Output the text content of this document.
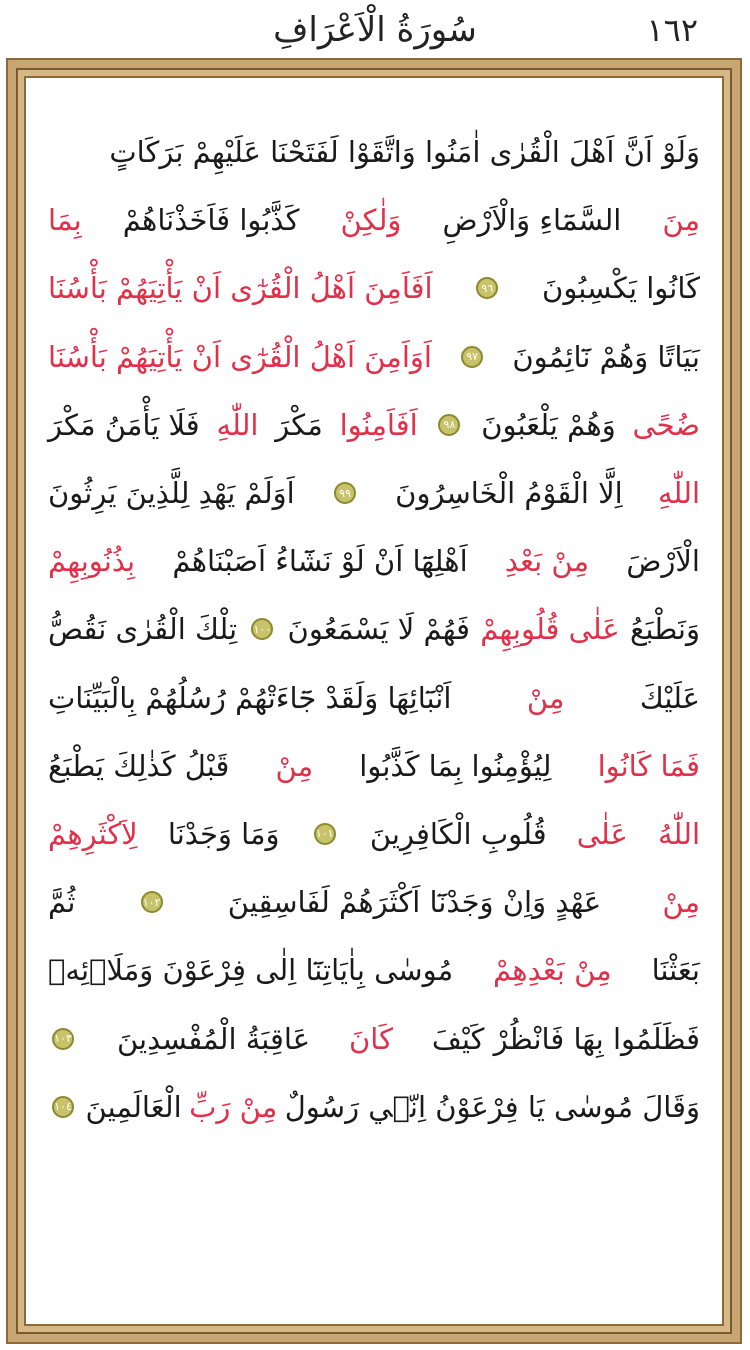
سُورَةُ الْاَعْرَافِ	١٦٢
وَلَوْ اَنَّ اَهْلَ الْقُرٰى اٰمَنُوا وَاتَّقَوْا لَفَتَحْنَا عَلَيْهِمْ بَرَكَاتٍ
مِنَ
السَّمَٓاءِ وَالْاَرْضِ
وَلٰكِنْ
كَذَّبُوا فَاَخَذْنَاهُمْ
بِمَا
كَانُوا يَكْسِبُونَ
٩٦
اَفَاَمِنَ اَهْلُ الْقُرٰٓى اَنْ يَأْتِيَهُمْ بَأْسُنَا
بَيَاتًا وَهُمْ نَٓائِمُونَ
٩٧
اَوَاَمِنَ اَهْلُ الْقُرٰٓى اَنْ يَأْتِيَهُمْ بَأْسُنَا
ضُحًى
وَهُمْ يَلْعَبُونَ
٩٨
اَفَاَمِنُوا
مَكْرَ
اللّٰهِ
فَلَا يَأْمَنُ مَكْرَ
اللّٰهِ
اِلَّا الْقَوْمُ الْخَاسِرُونَ
٩٩
اَوَلَمْ يَهْدِ لِلَّذِينَ يَرِثُونَ
الْاَرْضَ
مِنْ بَعْدِ
اَهْلِهَٓا اَنْ لَوْ نَشَٓاءُ اَصَبْنَاهُمْ
بِذُنُوبِهِمْ
وَنَطْبَعُ
عَلٰى قُلُوبِهِمْ
فَهُمْ لَا يَسْمَعُونَ
١٠٠
تِلْكَ الْقُرٰى نَقُصُّ
عَلَيْكَ
مِنْ
اَنْبَٓائِهَا وَلَقَدْ جَٓاءَتْهُمْ رُسُلُهُمْ بِالْبَيِّنَاتِ
فَمَا كَانُوا
لِيُؤْمِنُوا بِمَا كَذَّبُوا
مِنْ
قَبْلُ كَذٰلِكَ يَطْبَعُ
اللّٰهُ
عَلٰى
قُلُوبِ الْكَافِرِينَ
١٠١
وَمَا وَجَدْنَا
لِاَكْثَرِهِمْ
مِنْ
عَهْدٍ وَاِنْ وَجَدْنَٓا اَكْثَرَهُمْ لَفَاسِقِينَ
١٠٢
ثُمَّ
بَعَثْنَا
مِنْ بَعْدِهِمْ
مُوسٰى بِاٰيَاتِنَٓا اِلٰى فِرْعَوْنَ وَمَلَا۬ئِهٖ
فَظَلَمُوا بِهَا فَانْظُرْ كَيْفَ
كَانَ
عَاقِبَةُ الْمُفْسِدِينَ
١٠٣
وَقَالَ مُوسٰى يَا فِرْعَوْنُ اِنّ۪ي رَسُولٌ
مِنْ رَبِّ
الْعَالَمِينَ
١٠٤
